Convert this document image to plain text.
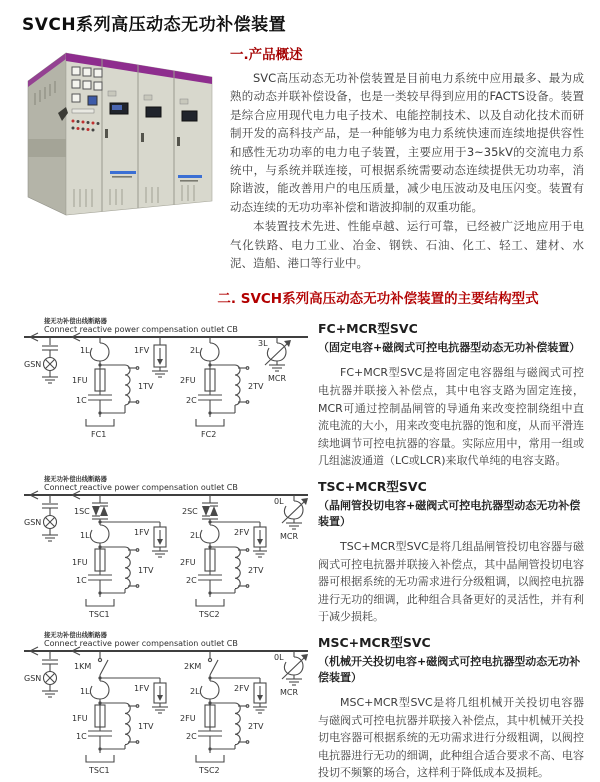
SVCH系列高压动态无功补偿装置
一.产品概述

SVC高压动态无功补偿装置是目前电力系统中应用最多、最为成熟的动态并联补偿设备，也是一类较早得到应用的FACTS设备。装置是综合应用现代电力电子技术、电能控制技术、以及自动化技术而研制开发的高科技产品，是一种能够为电力系统快速而连续地提供容性和感性无功功率的电力电子装置，主要应用于3~35kV的交流电力系统中，与系统并联连接，可根据系统需要动态连续提供无功功率，消除谐波，能改善用户的电压质量，减少电压波动及电压闪变。装置有动态连续的无功功率补偿和谐波抑制的双重功能。

本装置技术先进、性能卓越、运行可靠，已经被广泛地应用于电气化铁路、电力工业、冶金、钢铁、石油、化工、轻工、建材、水泥、造船、港口等行业中。

二. SVCH系列高压动态无功补偿装置的主要结构型式
接无功补偿出线断路器
Connect reactive power compensation outlet CB
GSN
1L
1FU
1C
1TV
FC1
1FV	2L
2FU
2C
2TV
FC2
3L
MCR
FC+MCR型SVC
（固定电容+磁阀式可控电抗器型动态无功补偿装置）

FC+MCR型SVC是将固定电容器组与磁阀式可控电抗器并联接入补偿点，其中电容支路为固定连接，MCR可通过控制晶闸管的导通角来改变控制绕组中直流电流的大小，用来改变电抗器的饱和度，从而平滑连续地调节可控电抗器的容量。实际应用中，常用一组或几组滤波通道（LC或LCR)来取代单纯的电容支路。

接无功补偿出线断路器
Connect reactive power compensation outlet CB
GSN
1SC
1L
1FU
1C
1TV
TSC1
1FV
2SC
2L
2FU
2C
2TV
TSC2
2FV
0L
MCR
TSC+MCR型SVC
（晶闸管投切电容+磁阀式可控电抗器型动态无功补偿装置）

TSC+MCR型SVC是将几组晶闸管投切电容器与磁阀式可控电抗器并联接入补偿点，其中晶闸管投切电容器可根据系统的无功需求进行分级粗调，以阀控电抗器进行无功的细调，此种组合具备更好的灵活性，并有利于减少损耗。

接无功补偿出线断路器
Connect reactive power compensation outlet CB
GSN
1KM
1L
1FU
1C
1TV
TSC1
1FV
2KM
2L
2FU
2C
2TV
TSC2
2FV
0L
MCR
MSC+MCR型SVC
（机械开关投切电容+磁阀式可控电抗器型动态无功补偿装置）

MSC+MCR型SVC是将几组机械开关投切电容器与磁阀式可控电抗器并联接入补偿点，其中机械开关投切电容器可根据系统的无功需求进行分级粗调，以阀控电抗器进行无功的细调，此种组合适合要求不高、电容投切不频繁的场合，这样利于降低成本及损耗。
